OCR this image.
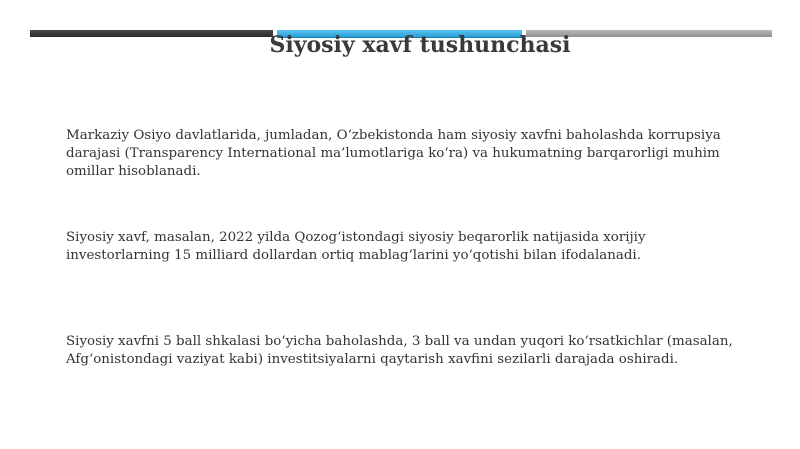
Siyosiy xavf tushunchasi

Markaziy Osiyo davlatlarida, jumladan, O‘zbekistonda ham siyosiy xavfni baholashda korrupsiya darajasi (Transparency International ma’lumotlariga ko‘ra) va hukumatning barqarorligi muhim omillar hisoblanadi.

Siyosiy xavf, masalan, 2022 yilda Qozog‘istondagi siyosiy beqarorlik natijasida xorijiy investorlarning 15 milliard dollardan ortiq mablag‘larini yo‘qotishi bilan ifodalanadi.

Siyosiy xavfni 5 ball shkalasi bo‘yicha baholashda, 3 ball va undan yuqori ko‘rsatkichlar (masalan, Afg‘onistondagi vaziyat kabi) investitsiyalarni qaytarish xavfini sezilarli darajada oshiradi.
